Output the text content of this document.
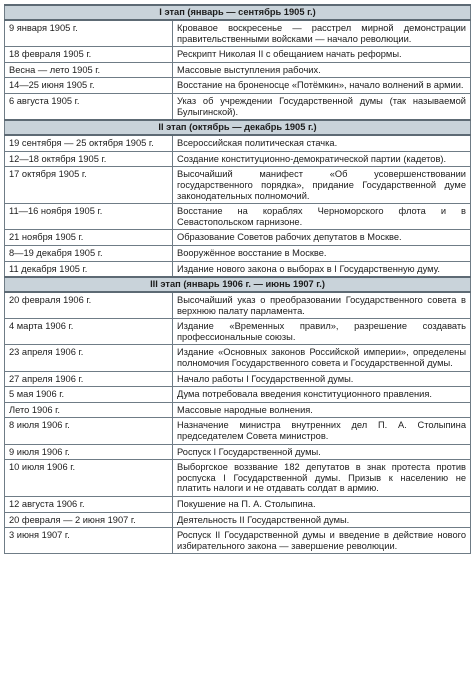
I этап (январь — сентябрь 1905 г.)	
9 января 1905 г.	Кровавое воскресенье — расстрел мирной демонстрации правительственными войсками — начало революции.

18 февраля 1905 г.	Рескрипт Николая II с обещанием начать реформы.

Весна — лето 1905 г.	Массовые выступления рабочих.

14—25 июня 1905 г.	Восстание на броненосце «Потёмкин», начало волнений в армии.

6 августа 1905 г.	Указ об учреждении Государственной думы (так называемой Булыгинской).

II этап (октябрь — декабрь 1905 г.)	
19 сентября — 25 октября 1905 г.	Всероссийская политическая стачка.

12—18 октября 1905 г.	Создание конституционно-демократической партии (кадетов).

17 октября 1905 г.	Высочайший манифест «Об усовершенствовании государственного порядка», придание Государственной думе законодательных полномочий.

11—16 ноября 1905 г.	Восстание на кораблях Черноморского флота и в Севастопольском гарнизоне.

21 ноября 1905 г.	Образование Советов рабочих депутатов в Москве.

8—19 декабря 1905 г.	Вооружённое восстание в Москве.

11 декабря 1905 г.	Издание нового закона о выборах в I Государственную думу.

III этап (январь 1906 г. — июнь 1907 г.)	
20 февраля 1906 г.	Высочайший указ о преобразовании Государственного совета в верхнюю палату парламента.

4 марта 1906 г.	Издание «Временных правил», разрешение создавать профессиональные союзы.

23 апреля 1906 г.	Издание «Основных законов Российской империи», определены полномочия Государственного совета и Государственной думы.

27 апреля 1906 г.	Начало работы I Государственной думы.

5 мая 1906 г.	Дума потребовала введения конституционного правления.

Лето 1906 г.	Массовые народные волнения.

8 июля 1906 г.	Назначение министра внутренних дел П. А. Столыпина председателем Совета министров.

9 июля 1906 г.	Роспуск I Государственной думы.

10 июля 1906 г.	Выборгское воззвание 182 депутатов в знак протеста против роспуска I Государственной думы. Призыв к населению не платить налоги и не отдавать солдат в армию.

12 августа 1906 г.	Покушение на П. А. Столыпина.

20 февраля — 2 июня 1907 г.	Деятельность II Государственной думы.

3 июня 1907 г.	Роспуск II Государственной думы и введение в действие нового избирательного закона — завершение революции.
